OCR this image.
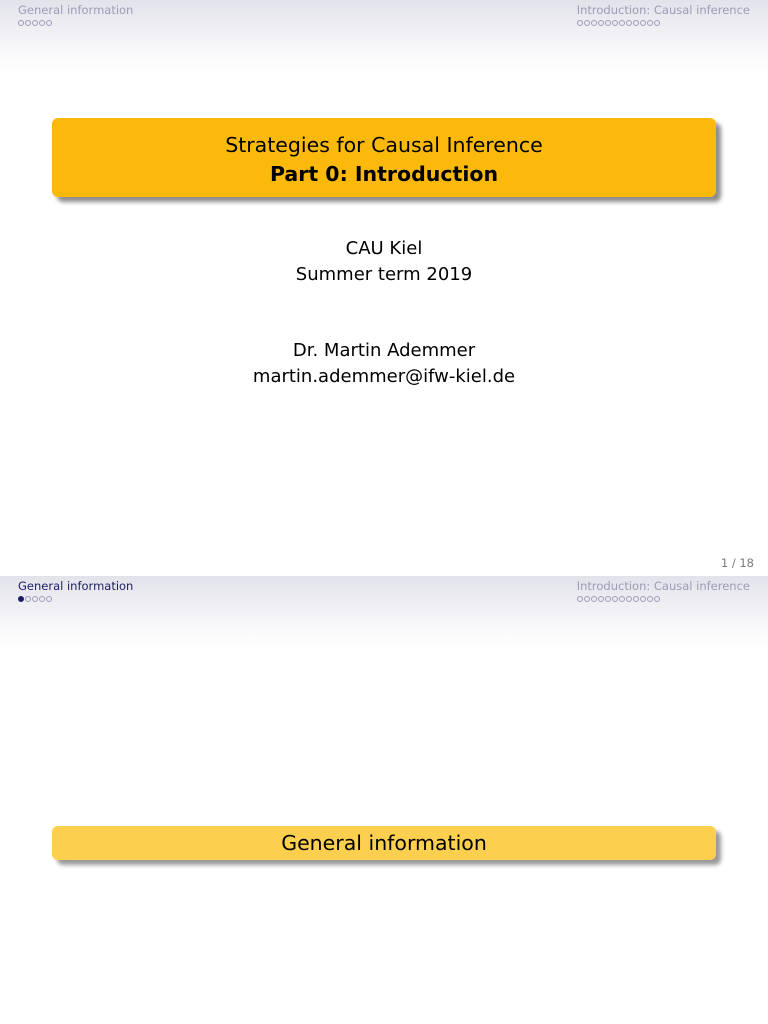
General information	Introduction: Causal inference
Strategies for Causal Inference
Part 0: Introduction
CAU Kiel
Summer term 2019
Dr. Martin Ademmer
martin.ademmer@ifw-kiel.de
1 / 18
General information	Introduction: Causal inference
General information
